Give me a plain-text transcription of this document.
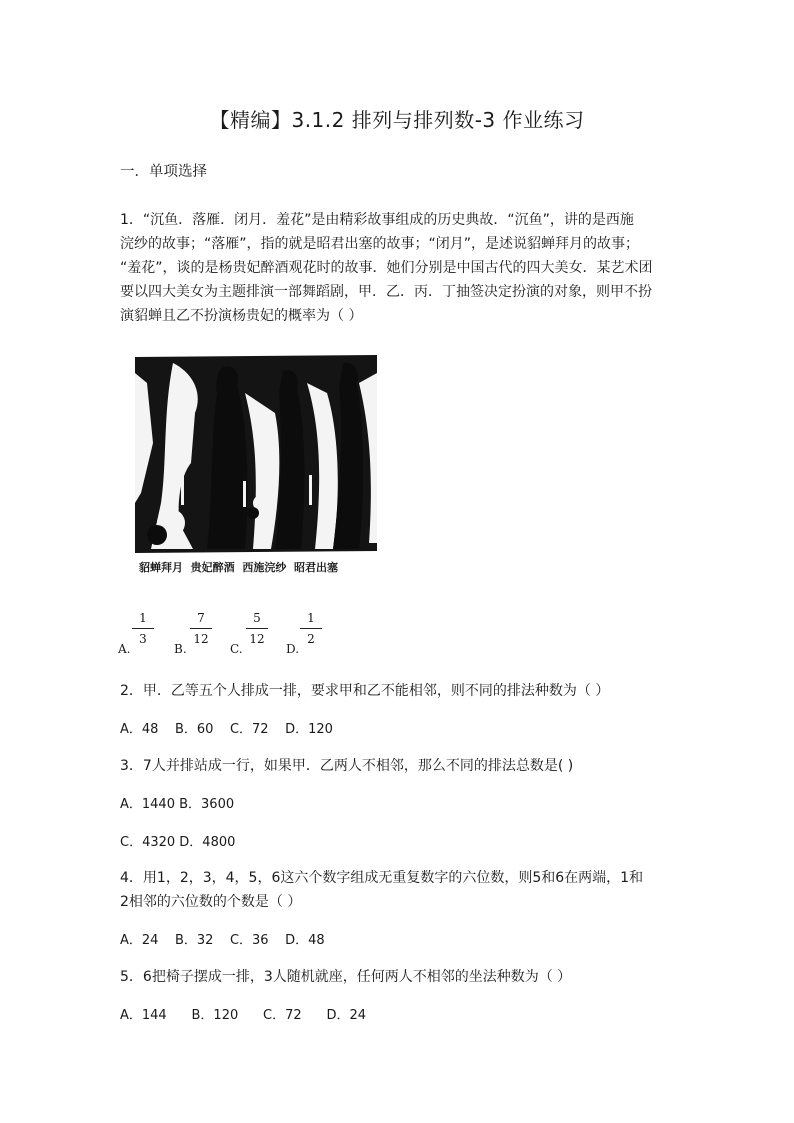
【精编】3.1.2 排列与排列数-3 作业练习
一．单项选择
1．“沉鱼．落雁．闭月．羞花”是由精彩故事组成的历史典故．“沉鱼”，讲的是西施
浣纱的故事；“落雁”，指的就是昭君出塞的故事；“闭月”，是述说貂蝉拜月的故事；
“羞花”，谈的是杨贵妃醉酒观花时的故事．她们分别是中国古代的四大美女．某艺术团
要以四大美女为主题排演一部舞蹈剧，甲．乙．丙．丁抽签决定扮演的对象，则甲不扮
演貂蝉且乙不扮演杨贵妃的概率为（ ）
貂蝉拜月  贵妃醉酒  西施浣纱  昭君出塞
A.
1
3
B.
7
12
C.
5
12
D.
1
2
2．甲．乙等五个人排成一排，要求甲和乙不能相邻，则不同的排法种数为（ ）
A．48    B．60    C．72    D．120
3．7人并排站成一行，如果甲．乙两人不相邻，那么不同的排法总数是( )
A．1440 B．3600
C．4320 D．4800
4．用1，2，3，4，5，6这六个数字组成无重复数字的六位数，则5和6在两端，1和
2相邻的六位数的个数是（ ）
A．24    B．32    C．36    D．48
5．6把椅子摆成一排，3人随机就座，任何两人不相邻的坐法种数为（ ）
A．144      B．120      C．72      D．24
